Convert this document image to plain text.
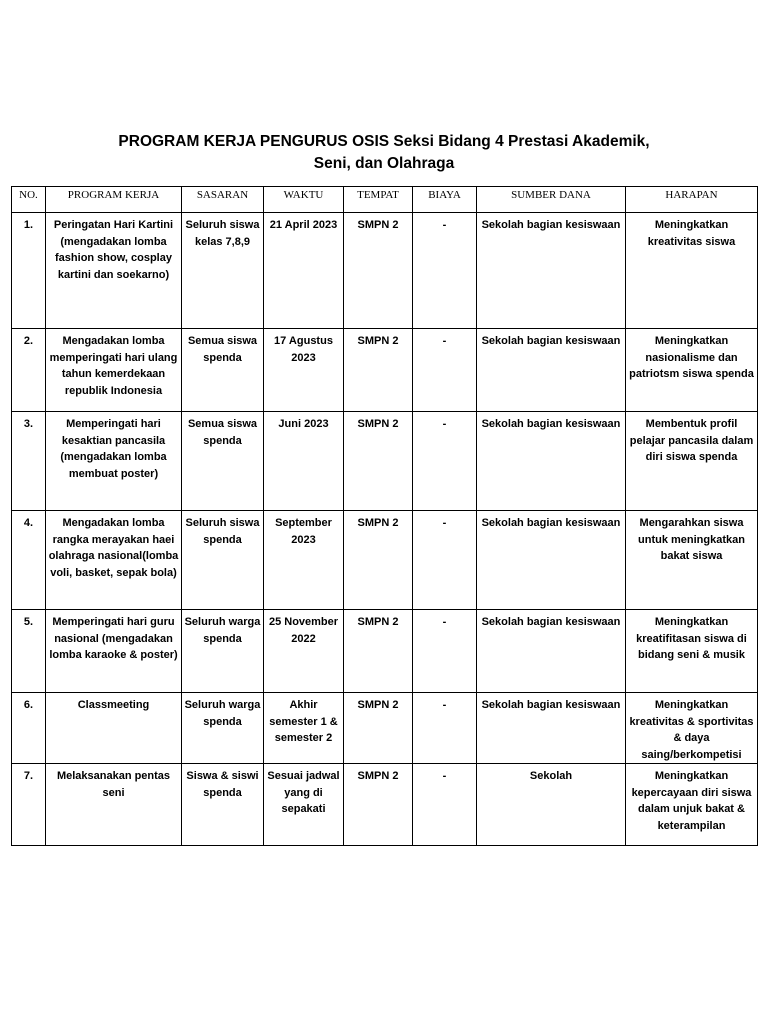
PROGRAM KERJA PENGURUS OSIS Seksi Bidang 4 Prestasi Akademik,
Seni, dan Olahraga
NO.	PROGRAM KERJA	SASARAN	WAKTU	TEMPAT	BIAYA	SUMBER DANA	HARAPAN
1.	Peringatan Hari Kartini (mengadakan lomba fashion show, cosplay kartini dan soekarno)	Seluruh siswa kelas 7,8,9	21 April 2023	SMPN 2	-	Sekolah bagian kesiswaan	Meningkatkan kreativitas siswa
2.	Mengadakan lomba memperingati hari ulang tahun kemerdekaan republik Indonesia	Semua siswa spenda	17 Agustus 2023	SMPN 2	-	Sekolah bagian kesiswaan	Meningkatkan nasionalisme dan patriotsm siswa spenda
3.	Memperingati hari kesaktian pancasila (mengadakan lomba membuat poster)	Semua siswa spenda	Juni 2023	SMPN 2	-	Sekolah bagian kesiswaan	Membentuk profil pelajar pancasila dalam diri siswa spenda
4.	Mengadakan lomba rangka merayakan haei olahraga nasional(lomba voli, basket, sepak bola)	Seluruh siswa spenda	September 2023	SMPN 2	-	Sekolah bagian kesiswaan	Mengarahkan siswa untuk meningkatkan bakat siswa
5.	Memperingati hari guru nasional (mengadakan lomba karaoke & poster)	Seluruh warga spenda	25 November 2022	SMPN 2	-	Sekolah bagian kesiswaan	Meningkatkan kreatifitasan siswa di bidang seni & musik
6.	Classmeeting	Seluruh warga spenda	Akhir semester 1 & semester 2	SMPN 2	-	Sekolah bagian kesiswaan	Meningkatkan kreativitas & sportivitas & daya saing/berkompetisi
7.	Melaksanakan pentas seni	Siswa & siswi spenda	Sesuai jadwal yang di sepakati	SMPN 2	-	Sekolah	Meningkatkan kepercayaan diri siswa dalam unjuk bakat & keterampilan
